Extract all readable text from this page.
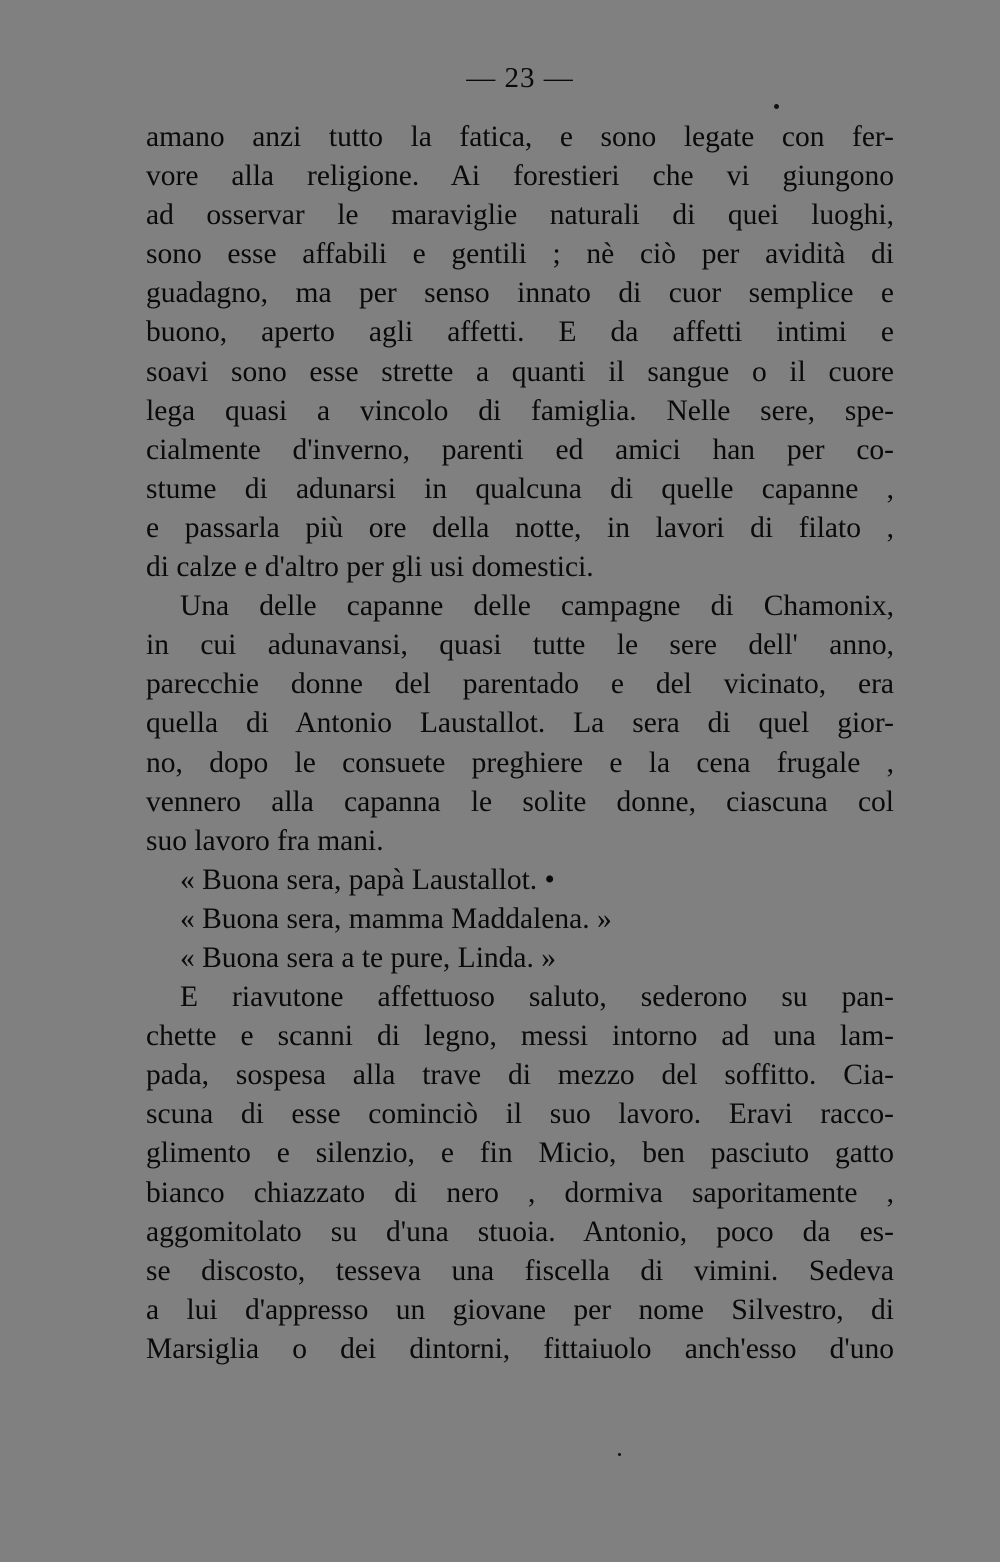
— 23 —
amano anzi tutto la fatica, e sono legate con fer-
vore alla religione. Ai forestieri che vi giungono
ad osservar le maraviglie naturali di quei luoghi,
sono esse affabili e gentili ; nè ciò per avidità di
guadagno, ma per senso innato di cuor semplice e
buono, aperto agli affetti. E da affetti intimi e
soavi sono esse strette a quanti il sangue o il cuore
lega quasi a vincolo di famiglia. Nelle sere, spe-
cialmente d'inverno, parenti ed amici han per co-
stume di adunarsi in qualcuna di quelle capanne ,
e passarla più ore della notte, in lavori di filato ,
di calze e d'altro per gli usi domestici.
Una delle capanne delle campagne di Chamonix,
in cui adunavansi, quasi tutte le sere dell' anno,
parecchie donne del parentado e del vicinato, era
quella di Antonio Laustallot. La sera di quel gior-
no, dopo le consuete preghiere e la cena frugale ,
vennero alla capanna le solite donne, ciascuna col
suo lavoro fra mani.
« Buona sera, papà Laustallot. •
« Buona sera, mamma Maddalena. »
« Buona sera a te pure, Linda. »
E riavutone affettuoso saluto, sederono su pan-
chette e scanni di legno, messi intorno ad una lam-
pada, sospesa alla trave di mezzo del soffitto. Cia-
scuna di esse cominciò il suo lavoro. Eravi racco-
glimento e silenzio, e fin Micio, ben pasciuto gatto
bianco chiazzato di nero , dormiva saporitamente ,
aggomitolato su d'una stuoia. Antonio, poco da es-
se discosto, tesseva una fiscella di vimini. Sedeva
a lui d'appresso un giovane per nome Silvestro, di
Marsiglia o dei dintorni, fittaiuolo anch'esso d'uno
